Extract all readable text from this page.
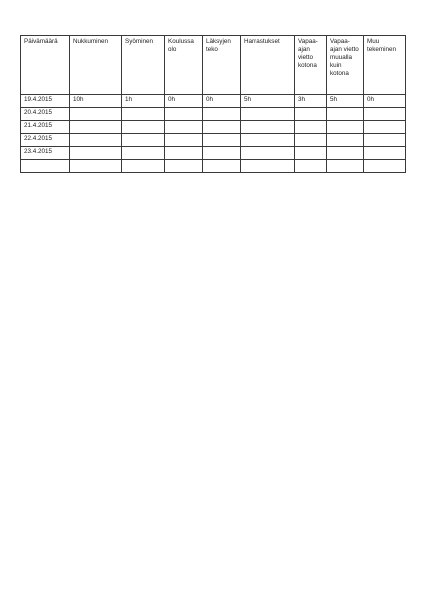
Päivämäärä	Nukkuminen	Syöminen	Koulussa olo	Läksyjen teko	Harrastukset	Vapaa-ajan vietto kotona	Vapaa-ajan vietto muualla kuin kotona	Muu tekeminen
19.4.2015	10h	1h	0h	0h	5h	3h	5h	0h
20.4.2015								
21.4.2015								
22.4.2015								
23.4.2015								
